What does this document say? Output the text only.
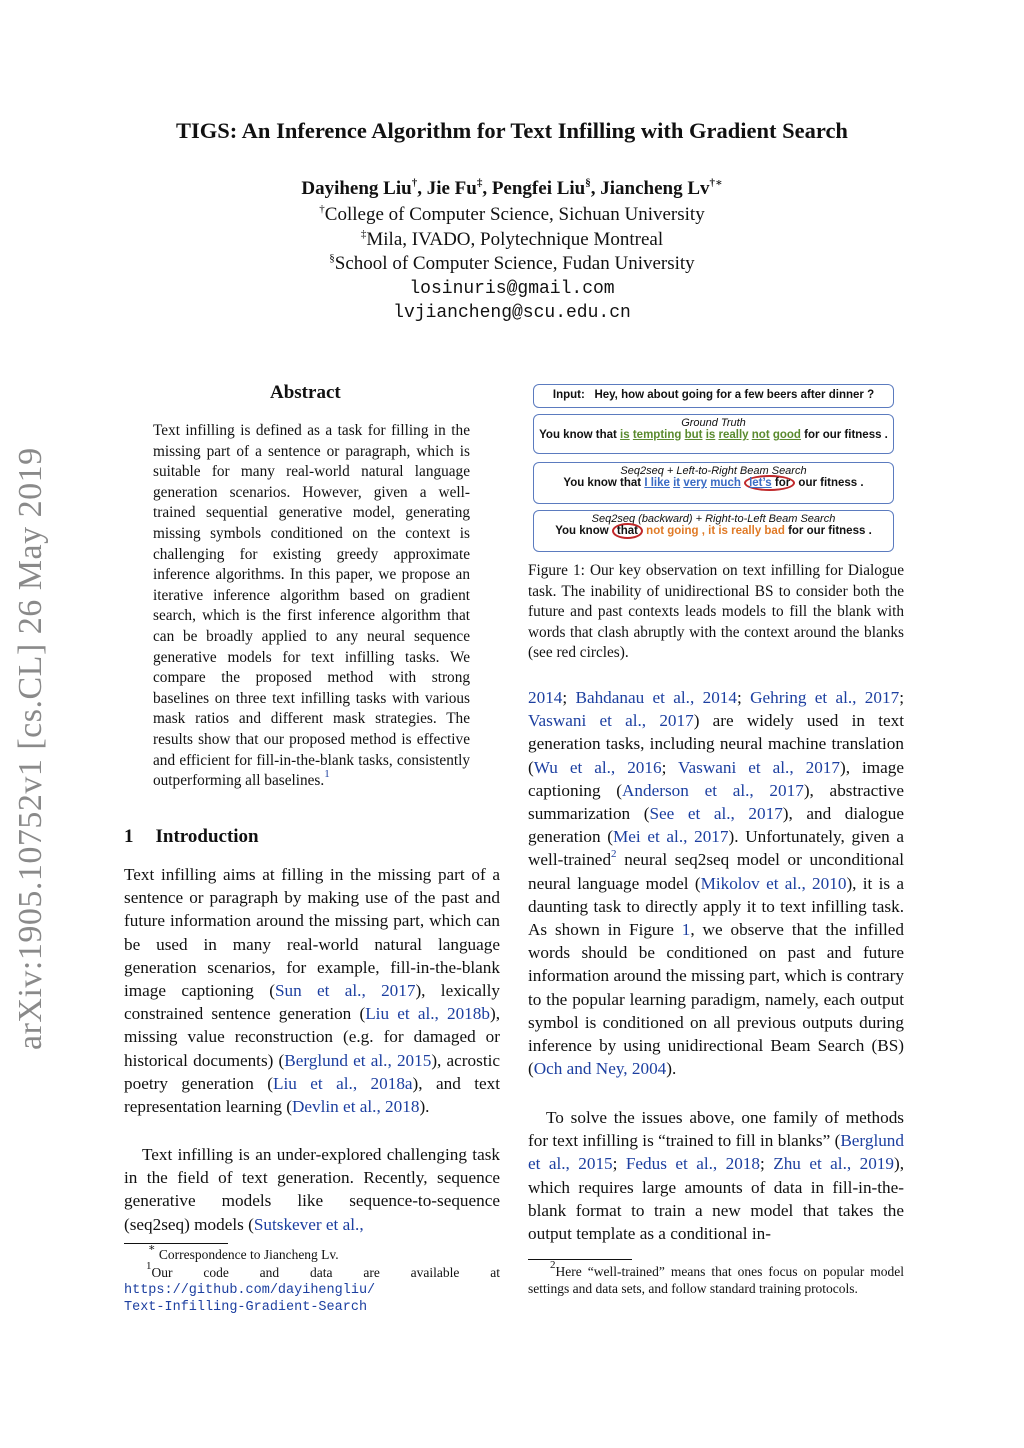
arXiv:1905.10752v1 [cs.CL] 26 May 2019
TIGS: An Inference Algorithm for Text Infilling with Gradient Search
Dayiheng Liu†, Jie Fu‡, Pengfei Liu§, Jiancheng Lv†∗
†College of Computer Science, Sichuan University
‡Mila, IVADO, Polytechnique Montreal
§School of Computer Science, Fudan University
losinuris@gmail.com
lvjiancheng@scu.edu.cn
Abstract
Text infilling is defined as a task for filling in the missing part of a sentence or paragraph, which is suitable for many real-world natural language generation scenarios. However, given a well-trained sequential generative model, generating missing symbols conditioned on the context is challenging for existing greedy approximate inference algorithms. In this paper, we propose an iterative inference algorithm based on gradient search, which is the first inference algorithm that can be broadly applied to any neural sequence generative models for text infilling tasks. We compare the proposed method with strong baselines on three text infilling tasks with various mask ratios and different mask strategies. The results show that our proposed method is effective and efficient for fill-in-the-blank tasks, consistently outperforming all baselines.$^1$
1 Introduction
Text infilling aims at filling in the missing part of a sentence or paragraph by making use of the past and future information around the missing part, which can be used in many real-world natural language generation scenarios, for example, fill-in-the-blank image captioning (Sun et al., 2017), lexically constrained sentence generation (Liu et al., 2018b), missing value reconstruction (e.g. for damaged or historical documents) (Berglund et al., 2015), acrostic poetry generation (Liu et al., 2018a), and text representation learning (Devlin et al., 2018).
Text infilling is an under-explored challenging task in the field of text generation. Recently, sequence generative models like sequence-to-sequence (seq2seq) models (Sutskever et al.,
∗ Correspondence to Jiancheng Lv.
$^1$Our code and data are available at
https://github.com/dayihengliu/
Text-Infilling-Gradient-Search
Input: Hey, how about going for a few beers after dinner ?
Ground Truth
You know that is tempting but is really not good for our fitness .
Seq2seq + Left-to-Right Beam Search
You know that I like it very much let’s for our fitness .
Seq2seq (backward) + Right-to-Left Beam Search
You know that not going , it is really bad for our fitness .
Figure 1: Our key observation on text infilling for Dialogue task. The inability of unidirectional BS to consider both the future and past contexts leads models to fill the blank with words that clash abruptly with the context around the blanks (see red circles).
2014; Bahdanau et al., 2014; Gehring et al., 2017; Vaswani et al., 2017) are widely used in text generation tasks, including neural machine translation (Wu et al., 2016; Vaswani et al., 2017), image captioning (Anderson et al., 2017), abstractive summarization (See et al., 2017), and dialogue generation (Mei et al., 2017). Unfortunately, given a well-trained$^2$ neural seq2seq model or unconditional neural language model (Mikolov et al., 2010), it is a daunting task to directly apply it to text infilling task. As shown in Figure 1, we observe that the infilled words should be conditioned on past and future information around the missing part, which is contrary to the popular learning paradigm, namely, each output symbol is conditioned on all previous outputs during inference by using unidirectional Beam Search (BS) (Och and Ney, 2004).
To solve the issues above, one family of methods for text infilling is “trained to fill in blanks” (Berglund et al., 2015; Fedus et al., 2018; Zhu et al., 2019), which requires large amounts of data in fill-in-the-blank format to train a new model that takes the output template as a conditional in-
$^2$Here “well-trained” means that ones focus on popular model settings and data sets, and follow standard training protocols.
